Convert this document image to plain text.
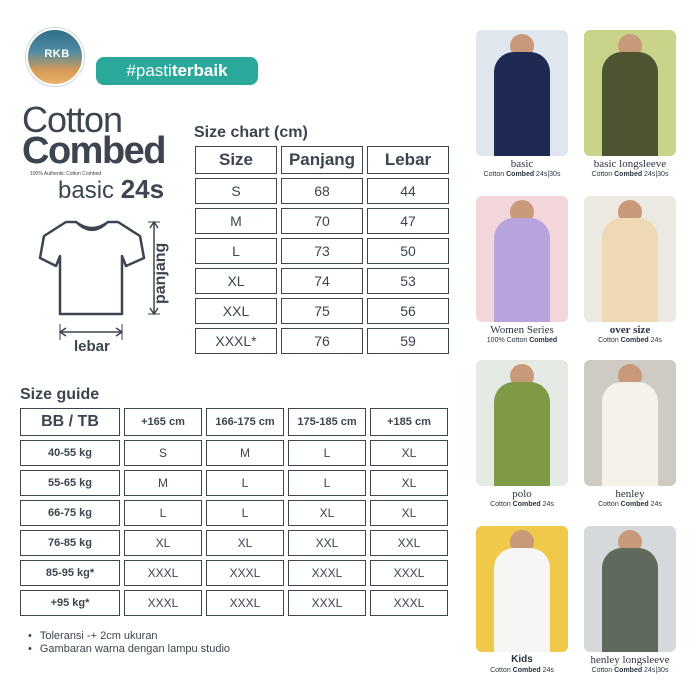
RKB
#pastiterbaik
Cotton
Combed
100% Authentic Cotton Combed
basic 24s
panjang
lebar
Size chart (cm)
Size	Panjang	Lebar
S	68	44
M	70	47
L	73	50
XL	74	53
XXL	75	56
XXXL*	76	59
Size guide
BB / TB	+165 cm	166-175 cm	175-185 cm	+185 cm
40-55 kg	S	M	L	XL
55-65 kg	M	L	L	XL
66-75 kg	L	L	XL	XL
76-85 kg	XL	XL	XXL	XXL
85-95 kg*	XXXL	XXXL	XXXL	XXXL
+95 kg*	XXXL	XXXL	XXXL	XXXL
• Toleransi -+ 2cm ukuran
• Gambaran warna dengan lampu studio
basic
Cotton Combed 24s|30s
basic longsleeve
Cotton Combed 24s|30s
Women Series
100% Cotton Combed
over size
Cotton Combed 24s
polo
Cotton Combed 24s
henley
Cotton Combed 24s
Kids
Cotton Combed 24s
henley longsleeve
Cotton Combed 24s|30s
